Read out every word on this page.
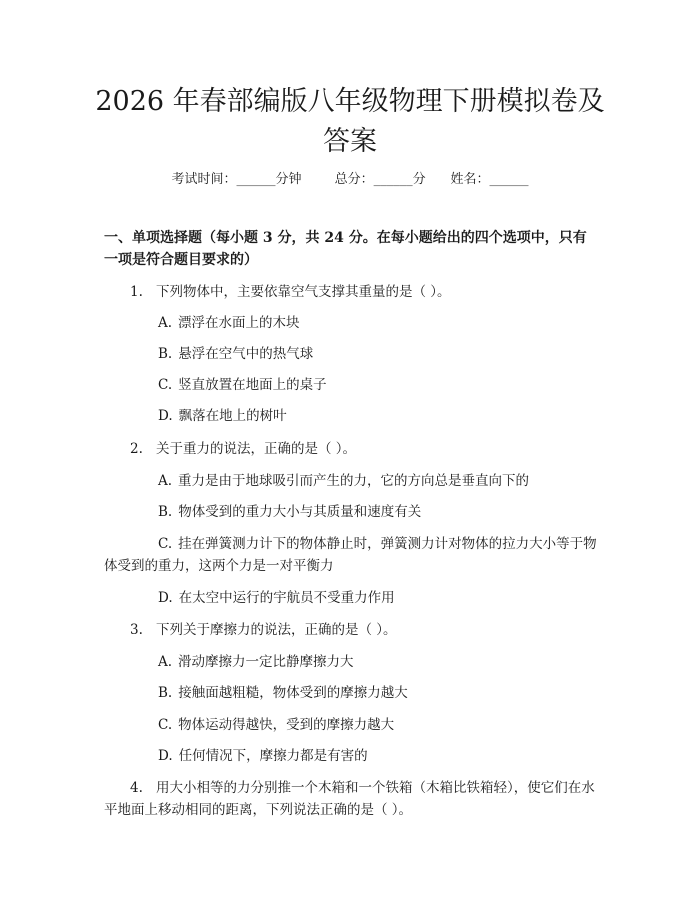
2026 年春部编版八年级物理下册模拟卷及答案
考试时间：______分钟	总分：______分 姓名：______
一、单项选择题（每小题 3 分，共 24 分。在每小题给出的四个选项中，只有一项是符合题目要求的）
1. 下列物体中，主要依靠空气支撑其重量的是（ ）。
A. 漂浮在水面上的木块
B. 悬浮在空气中的热气球
C. 竖直放置在地面上的桌子
D. 飘落在地上的树叶
2. 关于重力的说法，正确的是（ ）。
A. 重力是由于地球吸引而产生的力，它的方向总是垂直向下的
B. 物体受到的重力大小与其质量和速度有关
C. 挂在弹簧测力计下的物体静止时，弹簧测力计对物体的拉力大小等于物体受到的重力，这两个力是一对平衡力
D. 在太空中运行的宇航员不受重力作用
3. 下列关于摩擦力的说法，正确的是（ ）。
A. 滑动摩擦力一定比静摩擦力大
B. 接触面越粗糙，物体受到的摩擦力越大
C. 物体运动得越快，受到的摩擦力越大
D. 任何情况下，摩擦力都是有害的
4. 用大小相等的力分别推一个木箱和一个铁箱（木箱比铁箱轻），使它们在水平地面上移动相同的距离，下列说法正确的是（ ）。
